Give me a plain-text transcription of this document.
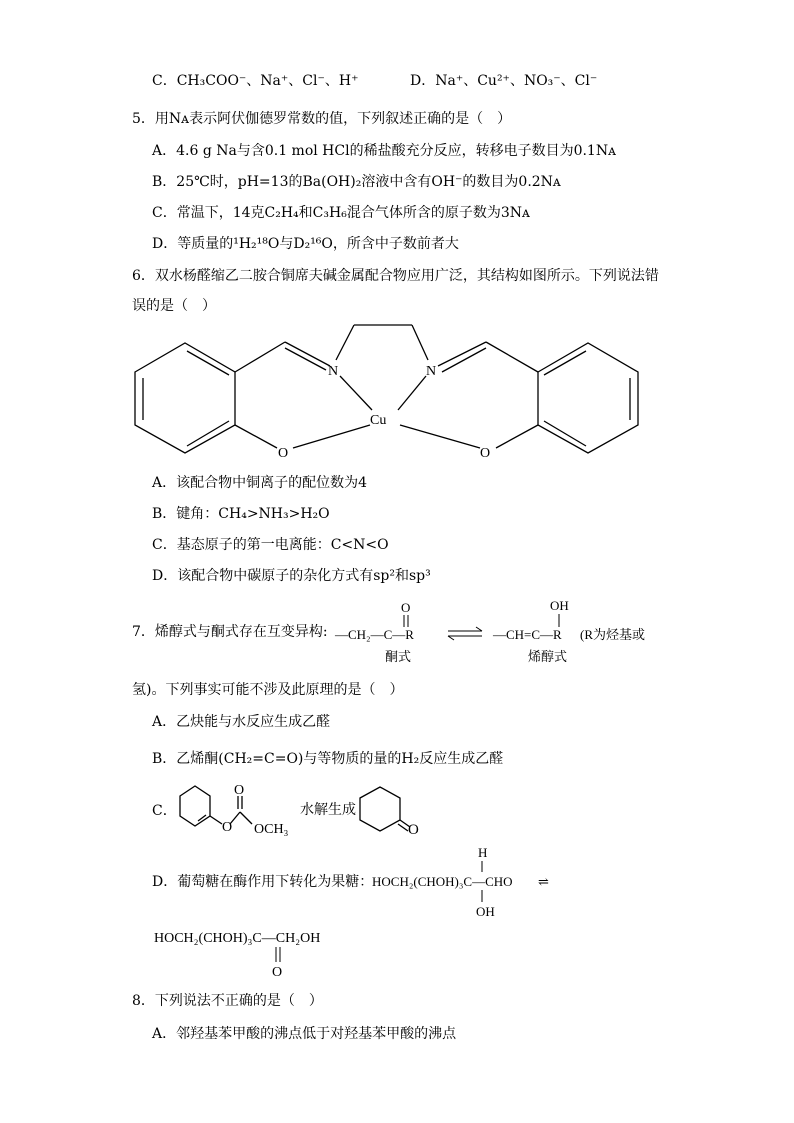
C．CH₃COO⁻、Na⁺、Cl⁻、H⁺	D．Na⁺、Cu²⁺、NO₃⁻、Cl⁻
5．用Nᴀ表示阿伏伽德罗常数的值，下列叙述正确的是（　）
A．4.6 g Na与含0.1 mol HCl的稀盐酸充分反应，转移电子数目为0.1Nᴀ
B．25℃时，pH=13的Ba(OH)₂溶液中含有OH⁻的数目为0.2Nᴀ
C．常温下，14克C₂H₄和C₃H₆混合气体所含的原子数为3Nᴀ
D．等质量的¹H₂¹⁸O与D₂¹⁶O，所含中子数前者大
6．双水杨醛缩乙二胺合铜席夫碱金属配合物应用广泛，其结构如图所示。下列说法错
误的是（　）
N	N
Cu
O	O
A．该配合物中铜离子的配位数为4
B．键角：CH₄>NH₃>H₂O
C．基态原子的第一电离能：C<N<O
D．该配合物中碳原子的杂化方式有sp²和sp³
7．烯醇式与酮式存在互变异构:
O
—CH₂—C—R
酮式
OH
—CH=C—R (R为烃基或
烯醇式
氢)。下列事实可能不涉及此原理的是（　）
A．乙炔能与水反应生成乙醛
B．乙烯酮(CH₂=C=O)与等物质的量的H₂反应生成乙醛
C．
O
O OCH₃
水解生成
O
D．葡萄糖在酶作用下转化为果糖：
H
HOCH₂(CHOH)₃C—CHO ⇌
OH
HOCH₂(CHOH)₃C—CH₂OH
O
8．下列说法不正确的是（　）
A．邻羟基苯甲酸的沸点低于对羟基苯甲酸的沸点
